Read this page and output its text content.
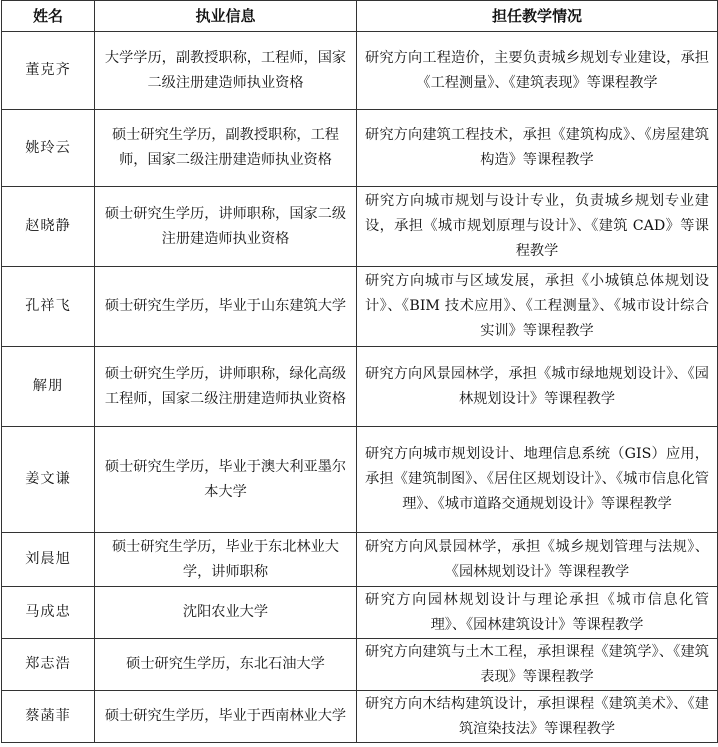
姓名	执业信息	担任教学情况
董克齐	大学学历，副教授职称，工程师，国家二级注册建造师执业资格	研究方向工程造价，主要负责城乡规划专业建设，承担《工程测量》、《建筑表现》等课程教学
姚玲云	硕士研究生学历，副教授职称，工程师，国家二级注册建造师执业资格	研究方向建筑工程技术，承担《建筑构成》、《房屋建筑构造》等课程教学
赵晓静	硕士研究生学历，讲师职称，国家二级注册建造师执业资格	研究方向城市规划与设计专业，负责城乡规划专业建设，承担《城市规划原理与设计》、《建筑 CAD》等课程教学
孔祥飞	硕士研究生学历，毕业于山东建筑大学	研究方向城市与区域发展，承担《小城镇总体规划设计》、《BIM 技术应用》、《工程测量》、《城市设计综合实训》等课程教学
解朋	硕士研究生学历，讲师职称，绿化高级工程师，国家二级注册建造师执业资格	研究方向风景园林学，承担《城市绿地规划设计》、《园林规划设计》等课程教学
姜文谦	硕士研究生学历，毕业于澳大利亚墨尔本大学	研究方向城市规划设计、地理信息系统（GIS）应用，承担《建筑制图》、《居住区规划设计》、《城市信息化管理》、《城市道路交通规划设计》等课程教学
刘晨旭	硕士研究生学历，毕业于东北林业大学，讲师职称	研究方向风景园林学，承担《城乡规划管理与法规》、《园林规划设计》等课程教学
马成忠	沈阳农业大学	研究方向园林规划设计与理论承担《城市信息化管理》、《园林建筑设计》等课程教学
郑志浩	硕士研究生学历，东北石油大学	研究方向建筑与土木工程，承担课程《建筑学》、《建筑表现》等课程教学
蔡菡菲	硕士研究生学历，毕业于西南林业大学	研究方向木结构建筑设计，承担课程《建筑美术》、《建筑渲染技法》等课程教学
